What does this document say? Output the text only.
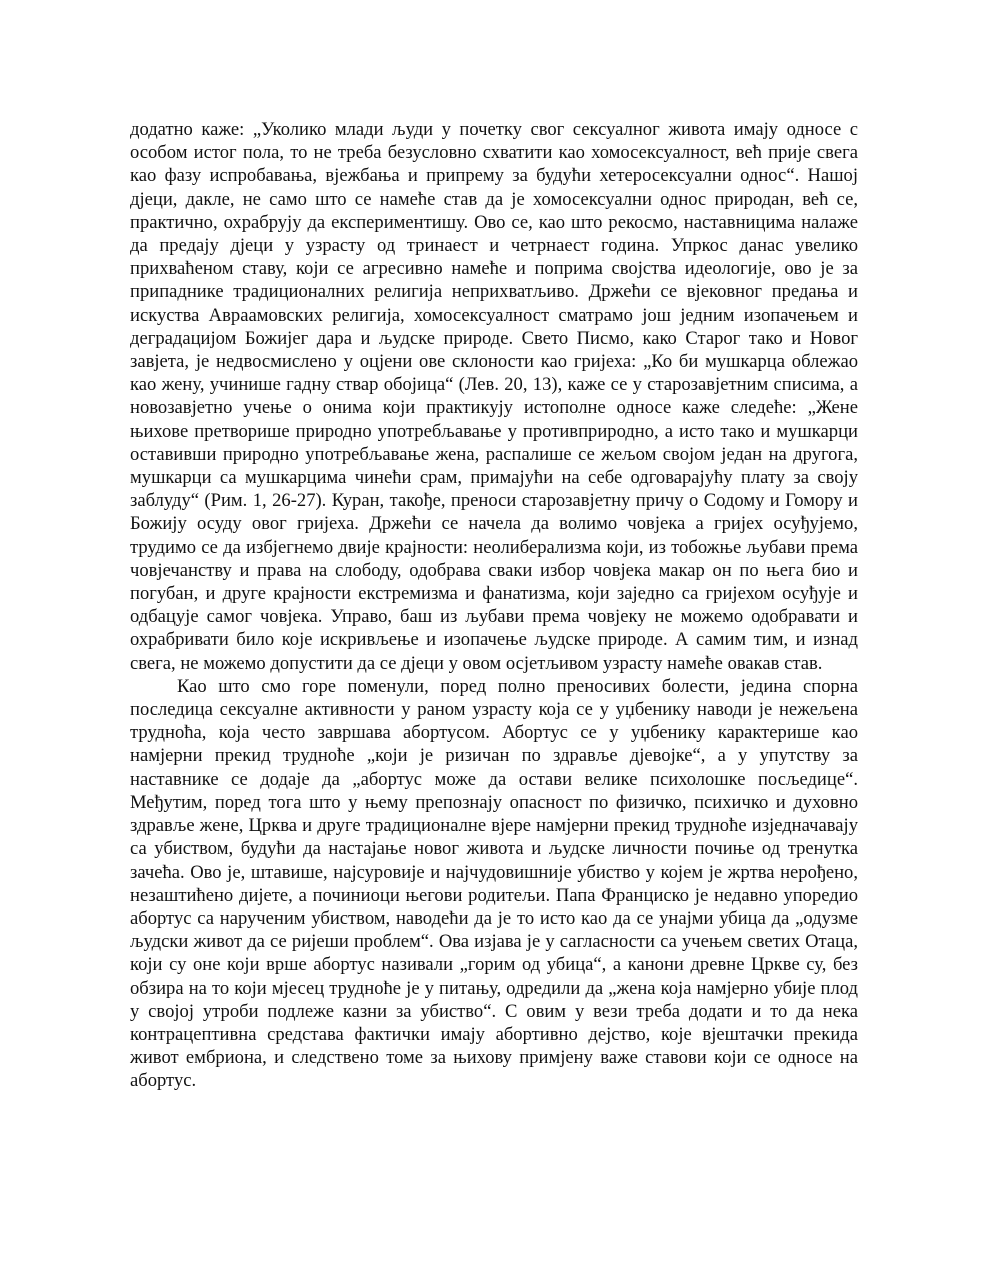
додатно каже: „Уколико млади људи у почетку свог сексуалног живота имају односе с особом истог пола, то не треба безусловно схватити као хомосексуалност, већ прије свега као фазу испробавања, вјежбања и припрему за будући хетеросексуални однос“. Нашој дјеци, дакле, не само што се намеће став да је хомосексуални однос природан, већ се, практично, охрабрују да експериментишу. Ово се, као што рекосмо, наставницима налаже да предају дјеци у узрасту од тринаест и четрнаест година. Упркос данас увелико прихваћеном ставу, који се агресивно намеће и поприма својства идеологије, ово је за припаднике традиционалних религија неприхватљиво. Држећи се вјековног предања и искуства Авраамовских религија, хомосексуалност сматрамо још једним изопачењем и деградацијом Божијег дара и људске природе. Свето Писмо, како Старог тако и Новог завјета, је недвосмислено у оцјени ове склоности као гријеха: „Ко би мушкарца облежао као жену, учинише гадну ствар обојица“ (Лев. 20, 13), каже се у старозавјетним списима, а новозавјетно учење о онима који практикују истополне односе каже следеће: „Жене њихове претворише природно употребљавање у противприродно, а исто тако и мушкарци оставивши природно употребљавање жена, распалише се жељом својом један на другога, мушкарци са мушкарцима чинећи срам, примајући на себе одговарајућу плату за своју заблуду“ (Рим. 1, 26-27). Куран, такође, преноси старозавјетну причу о Содому и Гомору и Божију осуду овог гријеха. Држећи се начела да волимо човјека а гријех осуђујемо, трудимо се да избјегнемо двије крајности: неолиберализма који, из тобожње љубави према човјечанству и права на слободу, одобрава сваки избор човјека макар он по њега био и погубан, и друге крајности екстремизма и фанатизма, који заједно са гријехом осуђује и одбацује самог човјека. Управо, баш из љубави према човјеку не можемо одобравати и охрабривати било које искривљење и изопачење људске природе. А самим тим, и изнад свега, не можемо допустити да се дјеци у овом осјетљивом узрасту намеће овакав став.

Као што смо горе поменули, поред полно преносивих болести, једина спорна последица сексуалне активности у раном узрасту која се у уџбенику наводи је нежељена трудноћа, која често завршава абортусом. Абортус се у уџбенику карактерише као намјерни прекид трудноће „који је ризичан по здравље дјевојке“, а у упутству за наставнике се додаје да „абортус може да остави велике психолошке посљедице“. Међутим, поред тога што у њему препознају опасност по физичко, психичко и духовно здравље жене, Црква и друге традиционалне вјере намјерни прекид трудноће изједначавају са убиством, будући да настајање новог живота и људске личности почиње од тренутка зачећа. Ово је, штавише, најсуровије и најчудовишније убиство у којем је жртва нерођено, незаштићено дијете, а починиоци његови родитељи. Папа Франциско је недавно упоредио абортус са наручeним убиством, наводећи да је то исто као да се унајми убица да „одузме људски живот да се ријеши проблем“. Ова изјава је у сагласности са учењем светих Отаца, који су оне који врше абортус називали „горим од убица“, а канони древне Цркве су, без обзира на то који мјесец трудноће је у питању, одредили да „жена која намјерно убије плод у својој утроби подлеже казни за убиство“. С овим у вези треба додати и то да нека контрацептивна средстава фактички имају абортивно дејство, које вјештачки прекида живот ембриона, и следствено томе за њихову примјену важе ставови који се односе на абортус.
